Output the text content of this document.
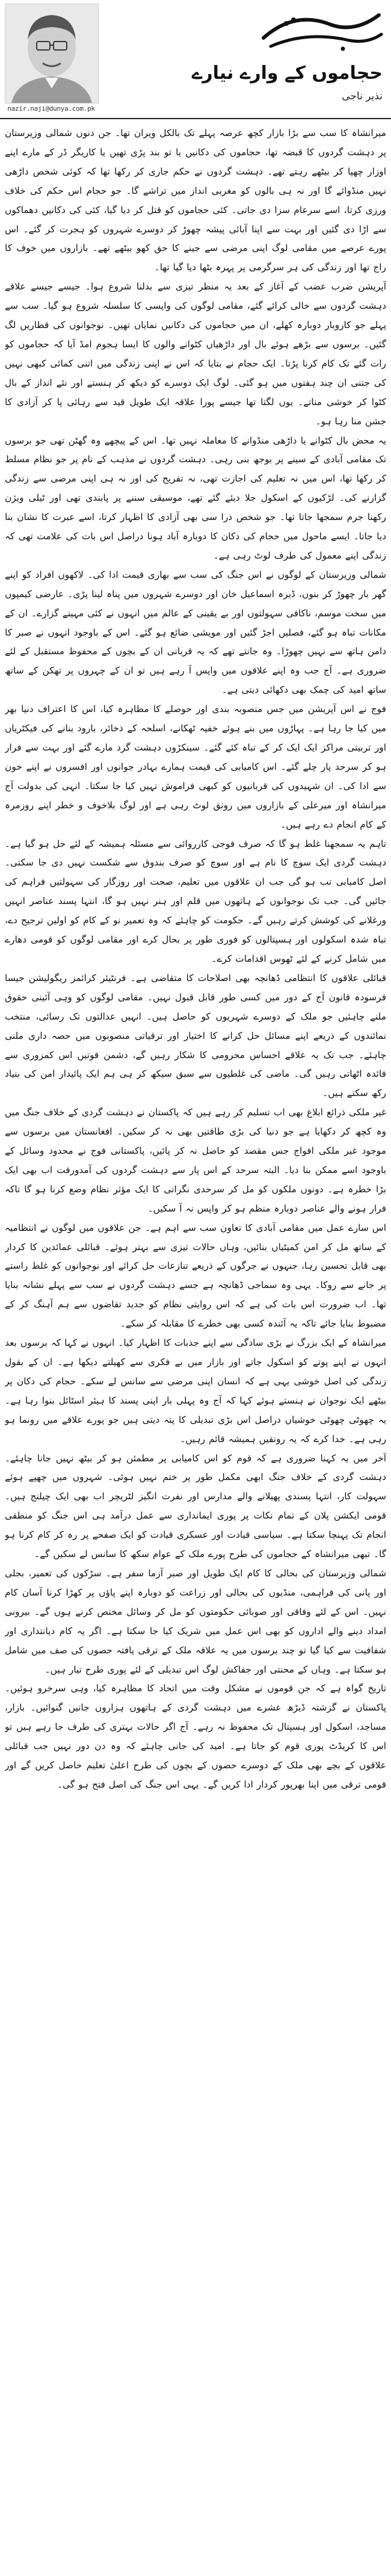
nazir.naji@dunya.com.pk
حجاموں کے وارے نیارے
نذیر ناجی

میرانشاہ کا سب سے بڑا بازار کچھ عرصہ پہلے تک بالکل ویران تھا۔ جن دنوں شمالی وزیرستان پر دہشت گردوں کا قبضہ تھا، حجاموں کی دکانیں یا تو بند پڑی تھیں یا کاریگر ڈر کے مارے اپنے اوزار چھپا کر بیٹھے رہتے تھے۔ دہشت گردوں نے حکم جاری کر رکھا تھا کہ کوئی شخص داڑھی نہیں منڈوائے گا اور نہ ہی بالوں کو مغربی انداز میں تراشے گا۔ جو حجام اس حکم کی خلاف ورزی کرتا، اسے سرعام سزا دی جاتی۔ کئی حجاموں کو قتل کر دیا گیا، کئی کی دکانیں دھماکوں سے اڑا دی گئیں اور بہت سے اپنا آبائی پیشہ چھوڑ کر دوسرے شہروں کو ہجرت کر گئے۔ اس پورے عرصے میں مقامی لوگ اپنی مرضی سے جینے کا حق کھو بیٹھے تھے۔ بازاروں میں خوف کا راج تھا اور زندگی کی ہر سرگرمی پر پہرہ بٹھا دیا گیا تھا۔

آپریشن ضرب عضب کے آغاز کے بعد یہ منظر تیزی سے بدلنا شروع ہوا۔ جیسے جیسے علاقے دہشت گردوں سے خالی کرائے گئے، مقامی لوگوں کی واپسی کا سلسلہ شروع ہو گیا۔ سب سے پہلے جو کاروبار دوبارہ کھلے، ان میں حجاموں کی دکانیں نمایاں تھیں۔ نوجوانوں کی قطاریں لگ گئیں۔ برسوں سے بڑھے ہوئے بال اور داڑھیاں کٹوانے والوں کا ایسا ہجوم امڈ آیا کہ حجاموں کو رات گئے تک کام کرنا پڑتا۔ ایک حجام نے بتایا کہ اس نے اپنی زندگی میں اتنی کمائی کبھی نہیں کی جتنی ان چند ہفتوں میں ہو گئی۔ لوگ ایک دوسرے کو دیکھ کر ہنستے اور نئے انداز کے بال کٹوا کر خوشی مناتے۔ یوں لگتا تھا جیسے پورا علاقہ ایک طویل قید سے رہائی پا کر آزادی کا جشن منا رہا ہو۔

یہ محض بال کٹوانے یا داڑھی منڈوانے کا معاملہ نہیں تھا۔ اس کے پیچھے وہ گھٹن تھی جو برسوں تک مقامی آبادی کے سینے پر بوجھ بنی رہی۔ دہشت گردوں نے مذہب کے نام پر جو نظام مسلط کر رکھا تھا، اس میں نہ تعلیم کی اجازت تھی، نہ تفریح کی اور نہ ہی اپنی مرضی سے زندگی گزارنے کی۔ لڑکیوں کے اسکول جلا دیئے گئے تھے، موسیقی سننے پر پابندی تھی اور ٹیلی ویژن رکھنا جرم سمجھا جاتا تھا۔ جو شخص ذرا سی بھی آزادی کا اظہار کرتا، اسے عبرت کا نشان بنا دیا جاتا۔ ایسے ماحول میں حجام کی دکان کا دوبارہ آباد ہونا دراصل اس بات کی علامت تھی کہ زندگی اپنے معمول کی طرف لوٹ رہی ہے۔

شمالی وزیرستان کے لوگوں نے اس جنگ کی سب سے بھاری قیمت ادا کی۔ لاکھوں افراد کو اپنے گھر بار چھوڑ کر بنوں، ڈیرہ اسماعیل خان اور دوسرے شہروں میں پناہ لینا پڑی۔ عارضی کیمپوں میں سخت موسم، ناکافی سہولتوں اور بے یقینی کے عالم میں انہوں نے کئی مہینے گزارے۔ ان کے مکانات تباہ ہو گئے، فصلیں اجڑ گئیں اور مویشی ضائع ہو گئے۔ اس کے باوجود انہوں نے صبر کا دامن ہاتھ سے نہیں چھوڑا۔ وہ جانتے تھے کہ یہ قربانی ان کے بچوں کے محفوظ مستقبل کے لئے ضروری ہے۔ آج جب وہ اپنے علاقوں میں واپس آ رہے ہیں تو ان کے چہروں پر تھکن کے ساتھ ساتھ امید کی چمک بھی دکھائی دیتی ہے۔

فوج نے اس آپریشن میں جس منصوبہ بندی اور حوصلے کا مظاہرہ کیا، اس کا اعتراف دنیا بھر میں کیا جا رہا ہے۔ پہاڑوں میں بنے ہوئے خفیہ ٹھکانے، اسلحہ کے ذخائر، بارود بنانے کی فیکٹریاں اور تربیتی مراکز ایک ایک کر کے تباہ کئے گئے۔ سینکڑوں دہشت گرد مارے گئے اور بہت سے فرار ہو کر سرحد پار چلے گئے۔ اس کامیابی کی قیمت ہمارے بہادر جوانوں اور افسروں نے اپنے خون سے ادا کی۔ ان شہیدوں کی قربانیوں کو کبھی فراموش نہیں کیا جا سکتا۔ انہی کی بدولت آج میرانشاہ اور میرعلی کے بازاروں میں رونق لوٹ رہی ہے اور لوگ بلاخوف و خطر اپنے روزمرہ کے کام انجام دے رہے ہیں۔

تاہم یہ سمجھنا غلط ہو گا کہ صرف فوجی کارروائی سے مسئلہ ہمیشہ کے لئے حل ہو گیا ہے۔ دہشت گردی ایک سوچ کا نام ہے اور سوچ کو صرف بندوق سے شکست نہیں دی جا سکتی۔ اصل کامیابی تب ہو گی جب ان علاقوں میں تعلیم، صحت اور روزگار کی سہولتیں فراہم کی جائیں گی۔ جب تک نوجوانوں کے ہاتھوں میں قلم اور ہنر نہیں ہو گا، انتہا پسند عناصر انہیں ورغلانے کی کوشش کرتے رہیں گے۔ حکومت کو چاہئے کہ وہ تعمیر نو کے کام کو اولین ترجیح دے، تباہ شدہ اسکولوں اور ہسپتالوں کو فوری طور پر بحال کرے اور مقامی لوگوں کو قومی دھارے میں شامل کرنے کے لئے ٹھوس اقدامات کرے۔

قبائلی علاقوں کا انتظامی ڈھانچہ بھی اصلاحات کا متقاضی ہے۔ فرنٹیئر کرائمز ریگولیشن جیسا فرسودہ قانون آج کے دور میں کسی طور قابل قبول نہیں۔ مقامی لوگوں کو وہی آئینی حقوق ملنے چاہئیں جو ملک کے دوسرے شہریوں کو حاصل ہیں۔ انہیں عدالتوں تک رسائی، منتخب نمائندوں کے ذریعے اپنے مسائل حل کرانے کا اختیار اور ترقیاتی منصوبوں میں حصہ داری ملنی چاہئے۔ جب تک یہ علاقے احساس محرومی کا شکار رہیں گے، دشمن قوتیں اس کمزوری سے فائدہ اٹھاتی رہیں گی۔ ماضی کی غلطیوں سے سبق سیکھ کر ہی ہم ایک پائیدار امن کی بنیاد رکھ سکتے ہیں۔

غیر ملکی ذرائع ابلاغ بھی اب تسلیم کر رہے ہیں کہ پاکستان نے دہشت گردی کے خلاف جنگ میں وہ کچھ کر دکھایا ہے جو دنیا کی بڑی طاقتیں بھی نہ کر سکیں۔ افغانستان میں برسوں سے موجود غیر ملکی افواج جس مقصد کو حاصل نہ کر پائیں، پاکستانی فوج نے محدود وسائل کے باوجود اسے ممکن بنا دیا۔ البتہ سرحد کے اس پار سے دہشت گردوں کی آمدورفت اب بھی ایک بڑا خطرہ ہے۔ دونوں ملکوں کو مل کر سرحدی نگرانی کا ایک مؤثر نظام وضع کرنا ہو گا تاکہ فرار ہونے والے عناصر دوبارہ منظم ہو کر واپس نہ آ سکیں۔

اس سارے عمل میں مقامی آبادی کا تعاون سب سے اہم ہے۔ جن علاقوں میں لوگوں نے انتظامیہ کے ساتھ مل کر امن کمیٹیاں بنائیں، وہاں حالات تیزی سے بہتر ہوئے۔ قبائلی عمائدین کا کردار بھی قابل تحسین رہا، جنہوں نے جرگوں کے ذریعے تنازعات حل کرائے اور نوجوانوں کو غلط راستے پر جانے سے روکا۔ یہی وہ سماجی ڈھانچہ ہے جسے دہشت گردوں نے سب سے پہلے نشانہ بنایا تھا۔ اب ضرورت اس بات کی ہے کہ اس روایتی نظام کو جدید تقاضوں سے ہم آہنگ کر کے مضبوط بنایا جائے تاکہ یہ آئندہ کسی بھی خطرے کا مقابلہ کر سکے۔

میرانشاہ کے ایک بزرگ نے بڑی سادگی سے اپنے جذبات کا اظہار کیا۔ انہوں نے کہا کہ برسوں بعد انہوں نے اپنے پوتے کو اسکول جاتے اور بازار میں بے فکری سے کھیلتے دیکھا ہے۔ ان کے بقول زندگی کی اصل خوشی یہی ہے کہ انسان اپنی مرضی سے سانس لے سکے۔ حجام کی دکان پر بیٹھے ایک نوجوان نے ہنستے ہوئے کہا کہ آج وہ پہلی بار اپنی پسند کا ہیئر اسٹائل بنوا رہا ہے۔ یہ چھوٹی چھوٹی خوشیاں دراصل اس بڑی تبدیلی کا پتہ دیتی ہیں جو پورے علاقے میں رونما ہو رہی ہے۔ خدا کرے کہ یہ رونقیں ہمیشہ قائم رہیں۔

آخر میں یہ کہنا ضروری ہے کہ قوم کو اس کامیابی پر مطمئن ہو کر بیٹھ نہیں جانا چاہئے۔ دہشت گردی کے خلاف جنگ ابھی مکمل طور پر ختم نہیں ہوئی۔ شہروں میں چھپے ہوئے سہولت کار، انتہا پسندی پھیلانے والے مدارس اور نفرت انگیز لٹریچر اب بھی ایک چیلنج ہیں۔ قومی ایکشن پلان کے تمام نکات پر پوری ایمانداری سے عمل درآمد ہی اس جنگ کو منطقی انجام تک پہنچا سکتا ہے۔ سیاسی قیادت اور عسکری قیادت کو ایک صفحے پر رہ کر کام کرنا ہو گا۔ تبھی میرانشاہ کے حجاموں کی طرح پورے ملک کے عوام سکھ کا سانس لے سکیں گے۔

شمالی وزیرستان کی بحالی کا کام ایک طویل اور صبر آزما سفر ہے۔ سڑکوں کی تعمیر، بجلی اور پانی کی فراہمی، منڈیوں کی بحالی اور زراعت کو دوبارہ اپنے پاؤں پر کھڑا کرنا آسان کام نہیں۔ اس کے لئے وفاقی اور صوبائی حکومتوں کو مل کر وسائل مختص کرنے ہوں گے۔ بیرونی امداد دینے والے اداروں کو بھی اس عمل میں شریک کیا جا سکتا ہے۔ اگر یہ کام دیانتداری اور شفافیت سے کیا گیا تو چند برسوں میں یہ علاقہ ملک کے ترقی یافتہ حصوں کی صف میں شامل ہو سکتا ہے۔ وہاں کے محنتی اور جفاکش لوگ اس تبدیلی کے لئے پوری طرح تیار ہیں۔

تاریخ گواہ ہے کہ جن قوموں نے مشکل وقت میں اتحاد کا مظاہرہ کیا، وہی سرخرو ہوئیں۔ پاکستان نے گزشتہ ڈیڑھ عشرے میں دہشت گردی کے ہاتھوں ہزاروں جانیں گنوائیں۔ بازار، مساجد، اسکول اور ہسپتال تک محفوظ نہ رہے۔ آج اگر حالات بہتری کی طرف جا رہے ہیں تو اس کا کریڈٹ پوری قوم کو جاتا ہے۔ امید کی جانی چاہئے کہ وہ دن دور نہیں جب قبائلی علاقوں کے بچے بھی ملک کے دوسرے حصوں کے بچوں کی طرح اعلیٰ تعلیم حاصل کریں گے اور قومی ترقی میں اپنا بھرپور کردار ادا کریں گے۔ یہی اس جنگ کی اصل فتح ہو گی۔
